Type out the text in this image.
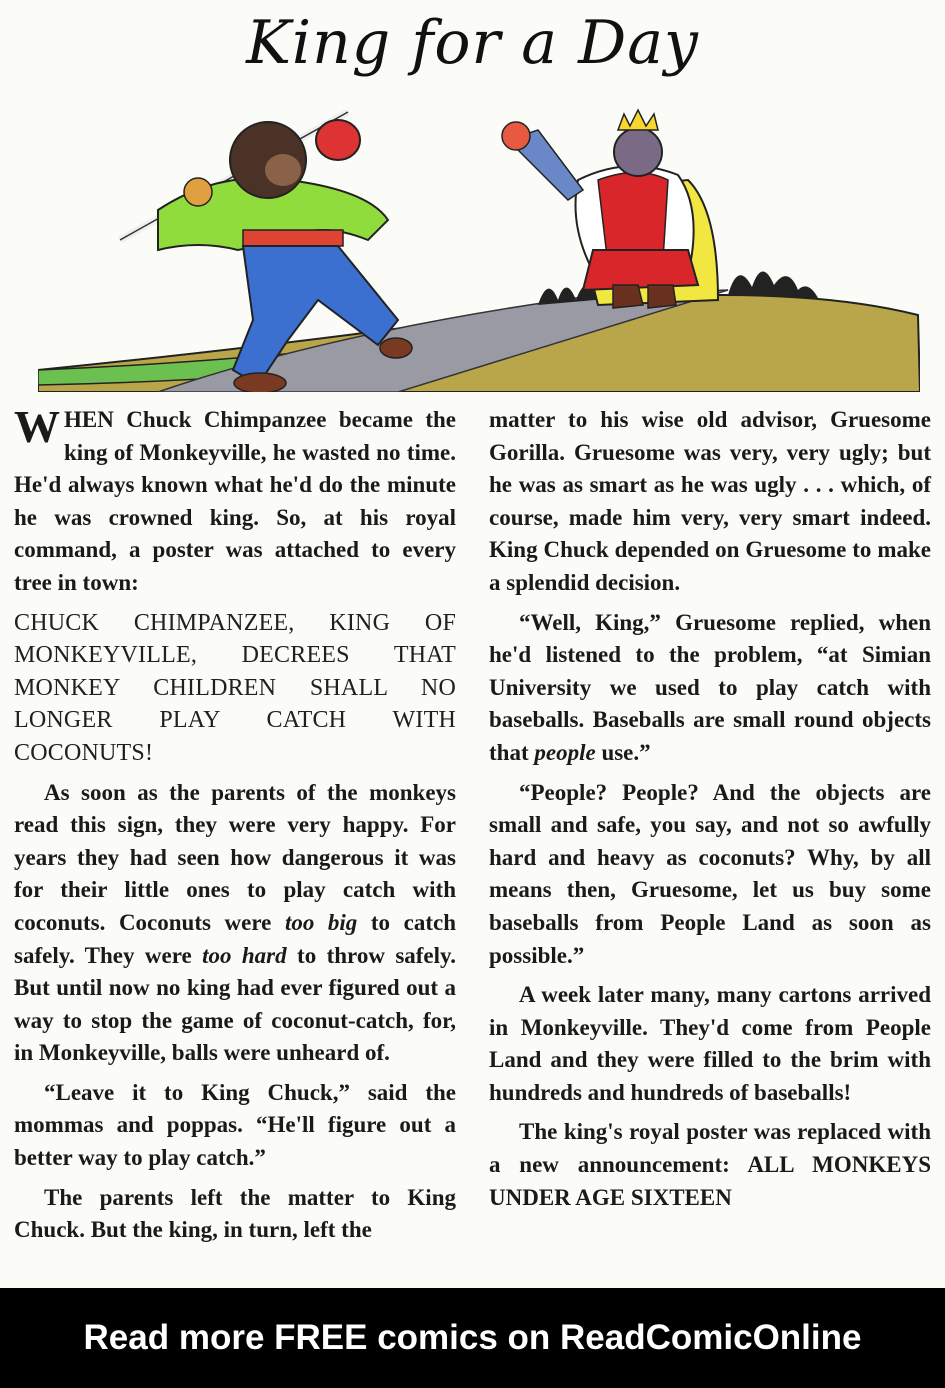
King for a Day

WHEN Chuck Chimpanzee became the king of Monkeyville, he wasted no time. He'd always known what he'd do the minute he was crowned king. So, at his royal command, a poster was attached to every tree in town:

CHUCK CHIMPANZEE, KING OF MONKEYVILLE, DECREES THAT MONKEY CHILDREN SHALL NO LONGER PLAY CATCH WITH COCONUTS!

As soon as the parents of the monkeys read this sign, they were very happy. For years they had seen how dangerous it was for their little ones to play catch with coconuts. Coconuts were too big to catch safely. They were too hard to throw safely. But until now no king had ever figured out a way to stop the game of coconut-catch, for, in Monkeyville, balls were unheard of.

“Leave it to King Chuck,” said the mommas and poppas. “He'll figure out a better way to play catch.”

The parents left the matter to King Chuck. But the king, in turn, left the

matter to his wise old advisor, Gruesome Gorilla. Gruesome was very, very ugly; but he was as smart as he was ugly . . . which, of course, made him very, very smart indeed. King Chuck depended on Gruesome to make a splendid decision.

“Well, King,” Gruesome replied, when he'd listened to the problem, “at Simian University we used to play catch with baseballs. Baseballs are small round objects that people use.”

“People? People? And the objects are small and safe, you say, and not so awfully hard and heavy as coconuts? Why, by all means then, Gruesome, let us buy some baseballs from People Land as soon as possible.”

A week later many, many cartons arrived in Monkeyville. They'd come from People Land and they were filled to the brim with hundreds and hundreds of baseballs!

The king's royal poster was replaced with a new announcement: ALL MONKEYS UNDER AGE SIXTEEN

Read more FREE comics on ReadComicOnline
